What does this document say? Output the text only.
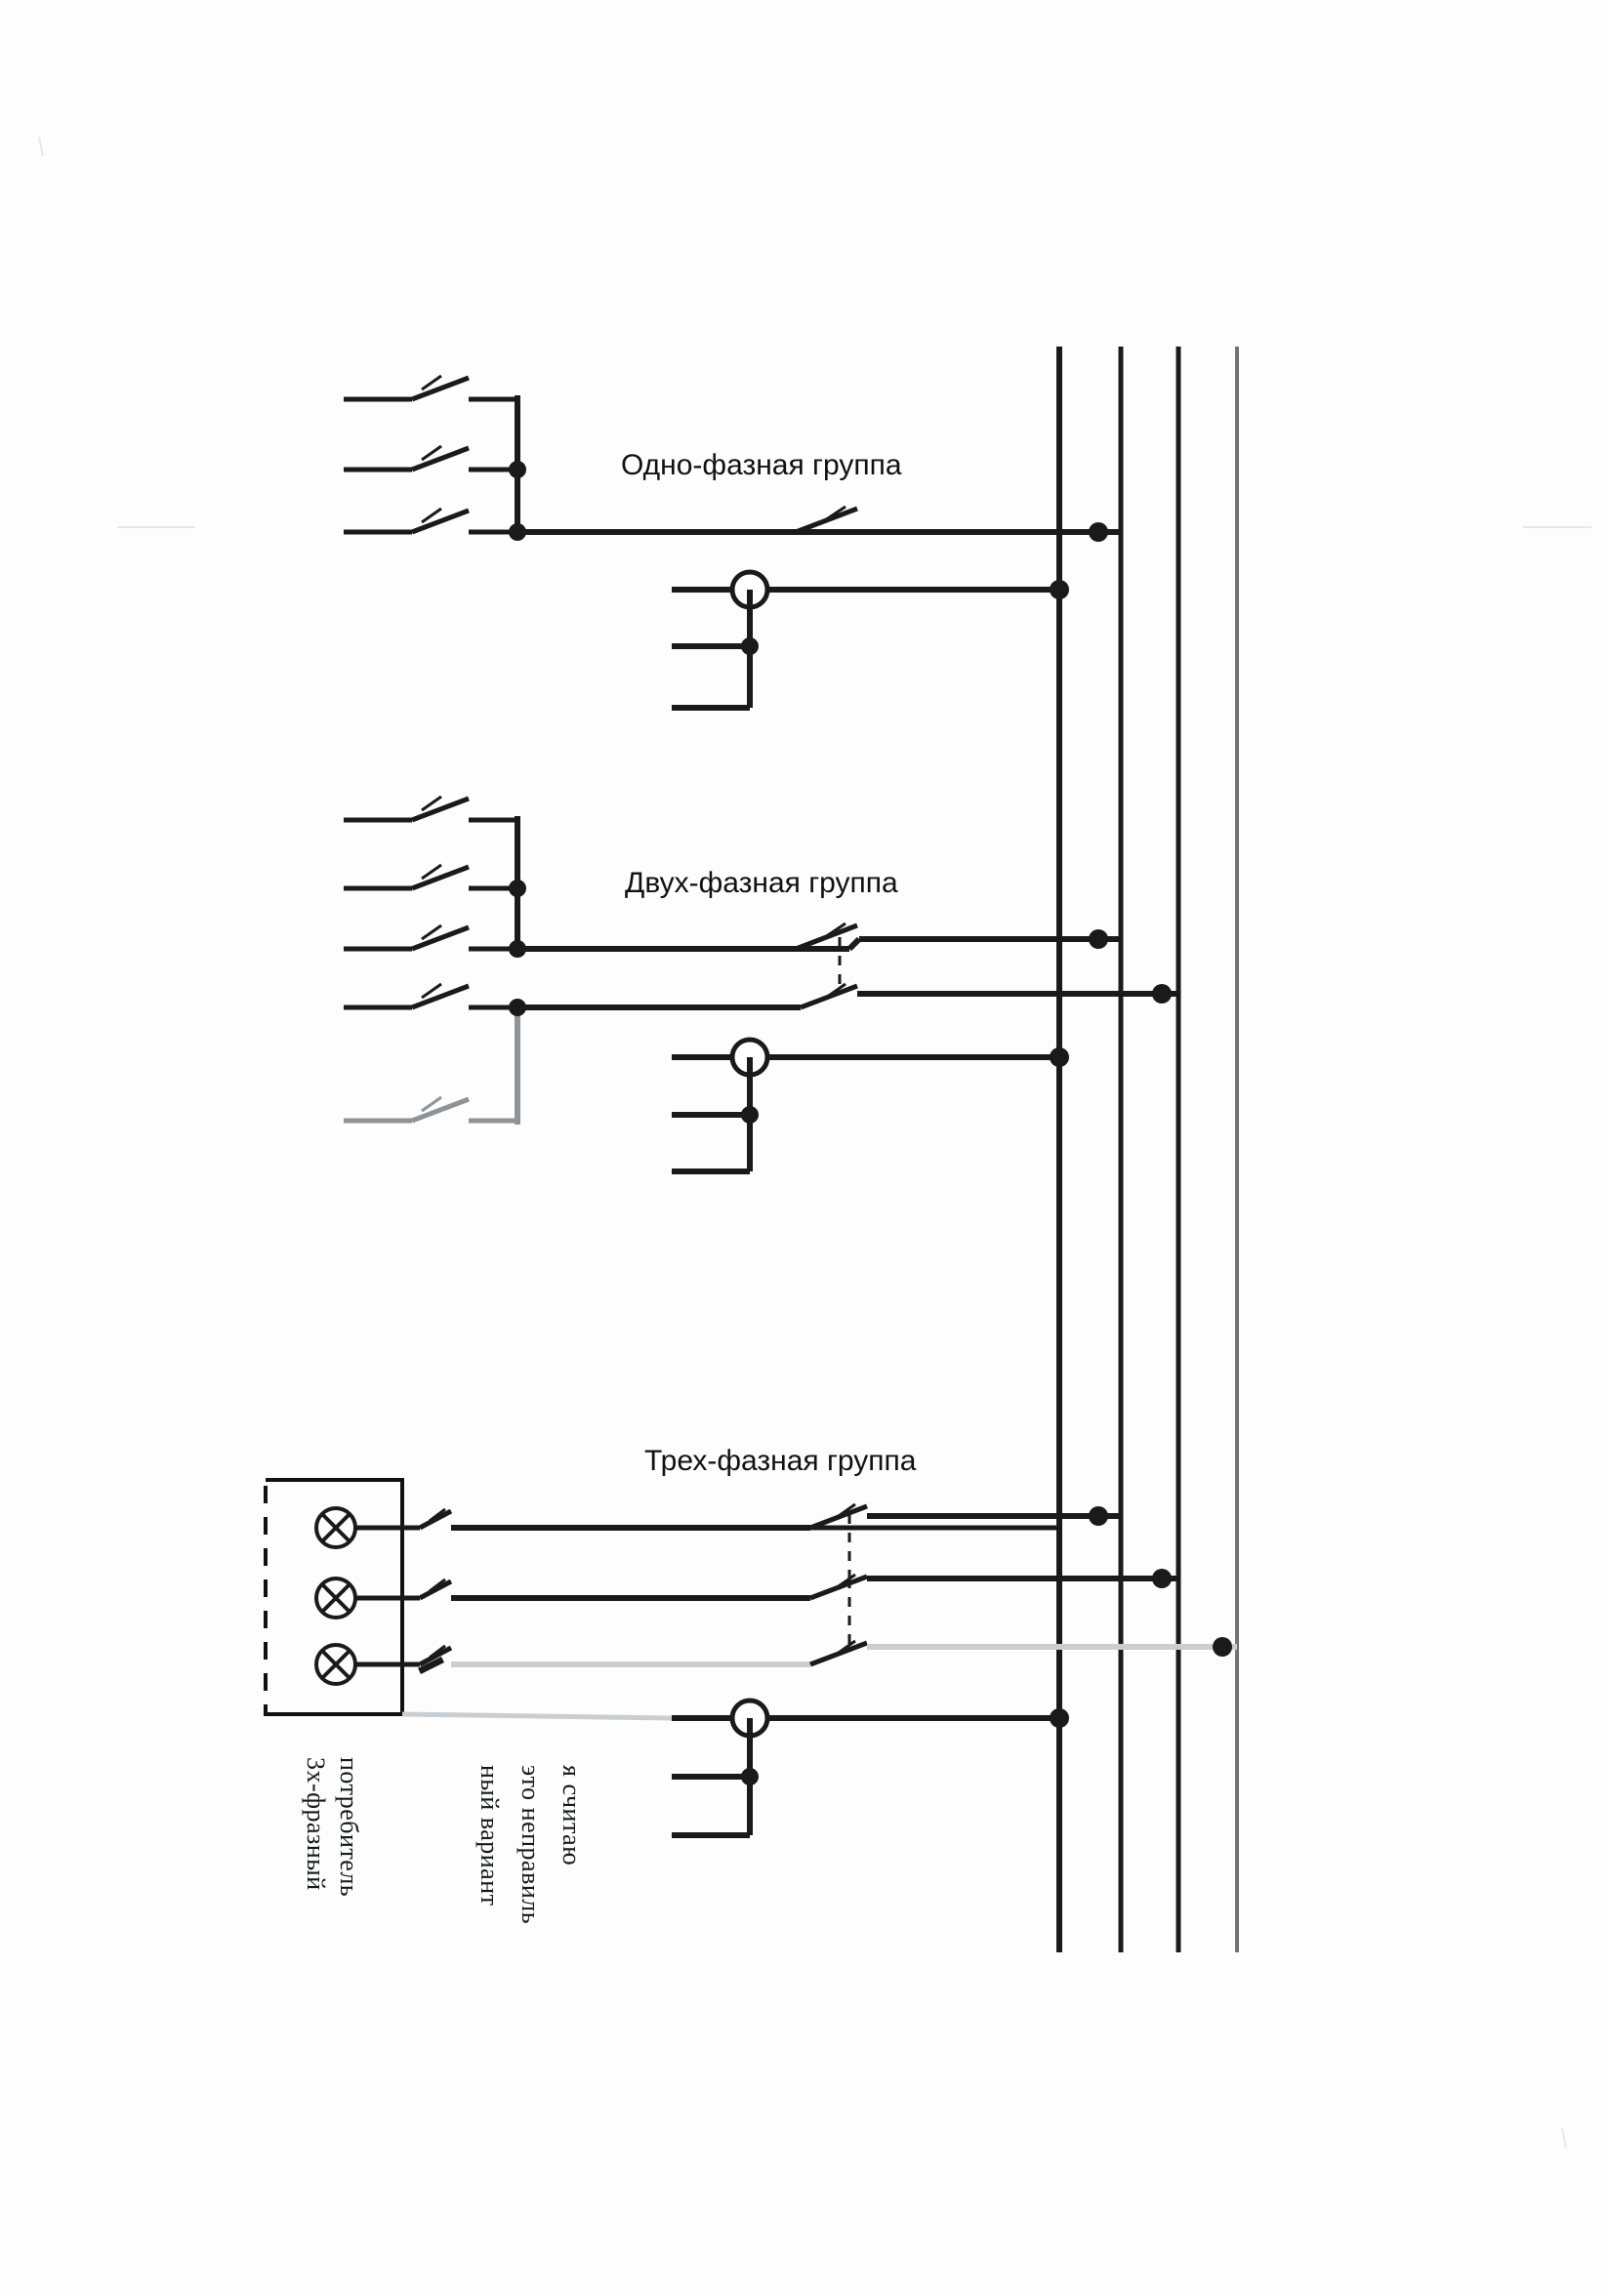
Одно-фазная группа
Двух-фазная группа
Трех-фазная группа
потребитель
3х-фразный	я считаю
это неправиль
ный вариант
